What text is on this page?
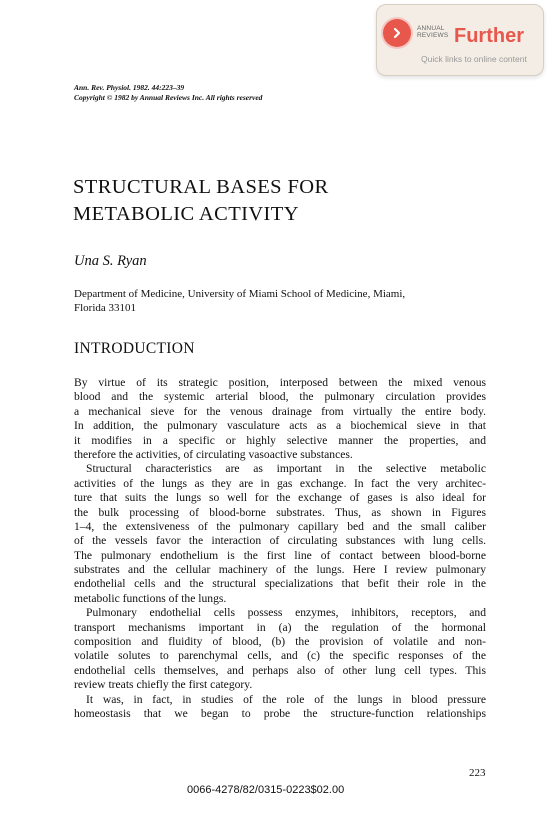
ANNUAL
REVIEWS Further
Quick links to online content
Ann. Rev. Physiol. 1982. 44:223–39
Copyright © 1982 by Annual Reviews Inc. All rights reserved
STRUCTURAL BASES FOR
METABOLIC ACTIVITY
Una S. Ryan
Department of Medicine, University of Miami School of Medicine, Miami,
Florida 33101
INTRODUCTION
By virtue of its strategic position, interposed between the mixed venous
blood and the systemic arterial blood, the pulmonary circulation provides
a mechanical sieve for the venous drainage from virtually the entire body.
In addition, the pulmonary vasculature acts as a biochemical sieve in that
it modifies in a specific or highly selective manner the properties, and
therefore the activities, of circulating vasoactive substances.
Structural characteristics are as important in the selective metabolic
activities of the lungs as they are in gas exchange. In fact the very architec-
ture that suits the lungs so well for the exchange of gases is also ideal for
the bulk processing of blood-borne substrates. Thus, as shown in Figures
1–4, the extensiveness of the pulmonary capillary bed and the small caliber
of the vessels favor the interaction of circulating substances with lung cells.
The pulmonary endothelium is the first line of contact between blood-borne
substrates and the cellular machinery of the lungs. Here I review pulmonary
endothelial cells and the structural specializations that befit their role in the
metabolic functions of the lungs.
Pulmonary endothelial cells possess enzymes, inhibitors, receptors, and
transport mechanisms important in (a) the regulation of the hormonal
composition and fluidity of blood, (b) the provision of volatile and non-
volatile solutes to parenchymal cells, and (c) the specific responses of the
endothelial cells themselves, and perhaps also of other lung cell types. This
review treats chiefly the first category.
It was, in fact, in studies of the role of the lungs in blood pressure
homeostasis that we began to probe the structure-function relationships
223
0066-4278/82/0315-0223$02.00
